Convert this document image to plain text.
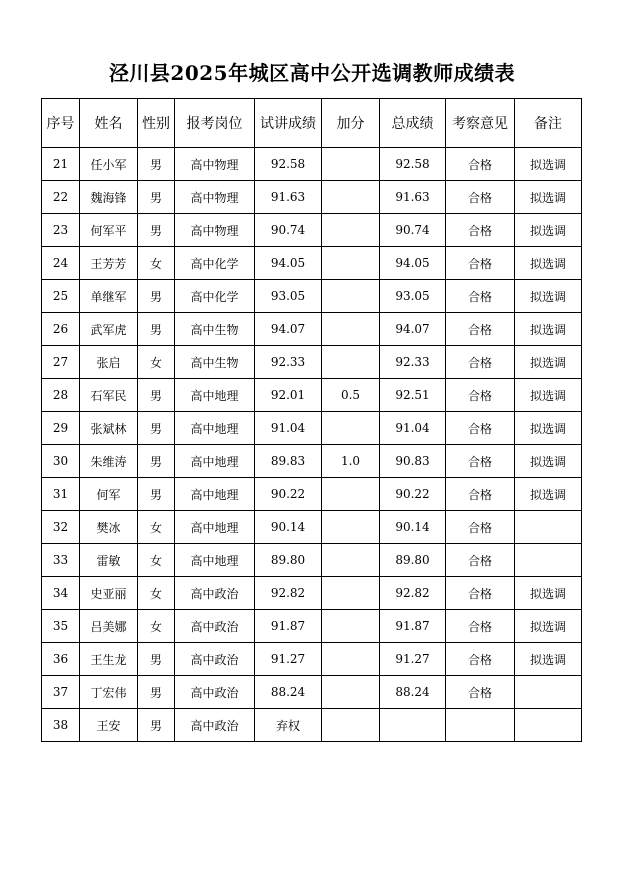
泾川县2025年城区高中公开选调教师成绩表
序号	姓名	性别	报考岗位	试讲成绩	加分	总成绩	考察意见	备注
21	任小军	男	高中物理	92.58		92.58	合格	拟选调
22	魏海锋	男	高中物理	91.63		91.63	合格	拟选调
23	何军平	男	高中物理	90.74		90.74	合格	拟选调
24	王芳芳	女	高中化学	94.05		94.05	合格	拟选调
25	单继军	男	高中化学	93.05		93.05	合格	拟选调
26	武军虎	男	高中生物	94.07		94.07	合格	拟选调
27	张启	女	高中生物	92.33		92.33	合格	拟选调
28	石军民	男	高中地理	92.01	0.5	92.51	合格	拟选调
29	张斌林	男	高中地理	91.04		91.04	合格	拟选调
30	朱维涛	男	高中地理	89.83	1.0	90.83	合格	拟选调
31	何军	男	高中地理	90.22		90.22	合格	拟选调
32	樊冰	女	高中地理	90.14		90.14	合格	
33	雷敏	女	高中地理	89.80		89.80	合格	
34	史亚丽	女	高中政治	92.82		92.82	合格	拟选调
35	吕美娜	女	高中政治	91.87		91.87	合格	拟选调
36	王生龙	男	高中政治	91.27		91.27	合格	拟选调
37	丁宏伟	男	高中政治	88.24		88.24	合格	
38	王安	男	高中政治	弃权				
